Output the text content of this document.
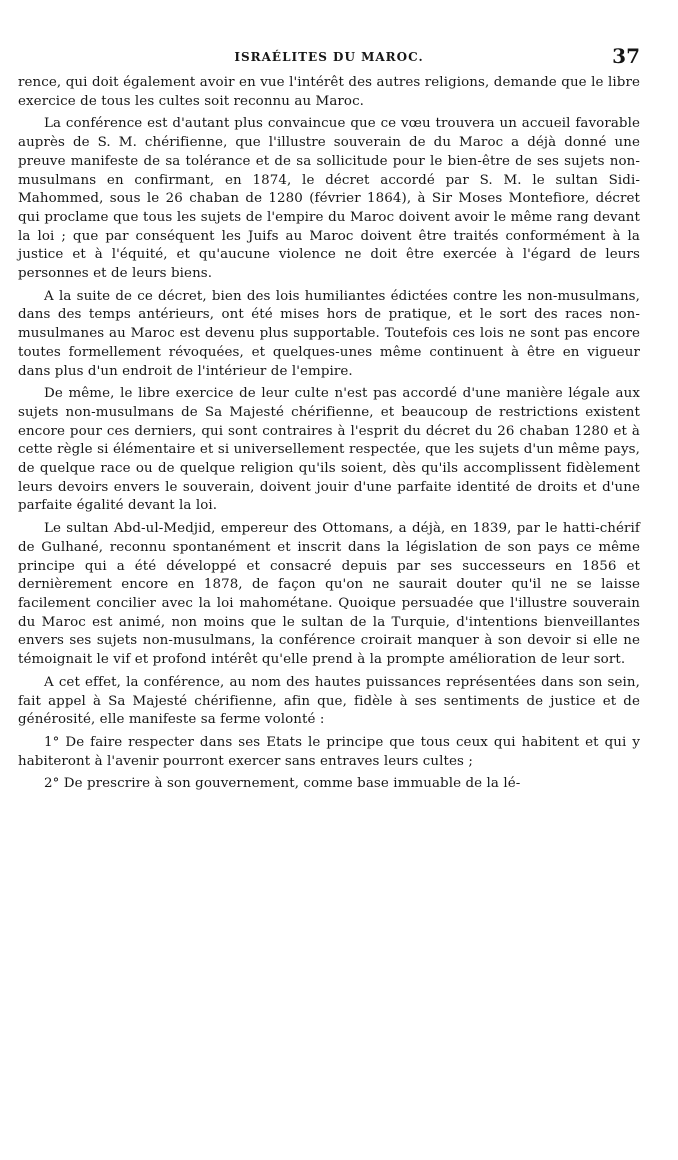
ISRAÉLITES DU MAROC.	37

rence, qui doit également avoir en vue l'intérêt des autres religions, demande que le libre exercice de tous les cultes soit reconnu au Maroc.

La conférence est d'autant plus convaincue que ce vœu trouvera un accueil favorable auprès de S. M. chérifienne, que l'illustre souverain de du Maroc a déjà donné une preuve manifeste de sa tolérance et de sa sollicitude pour le bien-être de ses sujets non-musulmans en confirmant, en 1874, le décret accordé par S. M. le sultan Sidi-Mahommed, sous le 26 chaban de 1280 (février 1864), à Sir Moses Montefiore, décret qui proclame que tous les sujets de l'empire du Maroc doivent avoir le même rang devant la loi ; que par conséquent les Juifs au Maroc doivent être traités conformément à la justice et à l'équité, et qu'aucune violence ne doit être exercée à l'égard de leurs personnes et de leurs biens.

A la suite de ce décret, bien des lois humiliantes édictées contre les non-musulmans, dans des temps antérieurs, ont été mises hors de pratique, et le sort des races non-musulmanes au Maroc est devenu plus supportable. Toutefois ces lois ne sont pas encore toutes formellement révoquées, et quelques-unes même continuent à être en vigueur dans plus d'un endroit de l'intérieur de l'empire.

De même, le libre exercice de leur culte n'est pas accordé d'une manière légale aux sujets non-musulmans de Sa Majesté chérifienne, et beaucoup de restrictions existent encore pour ces derniers, qui sont contraires à l'esprit du décret du 26 chaban 1280 et à cette règle si élémentaire et si universellement respectée, que les sujets d'un même pays, de quelque race ou de quelque religion qu'ils soient, dès qu'ils accomplissent fidèlement leurs devoirs envers le souverain, doivent jouir d'une parfaite identité de droits et d'une parfaite égalité devant la loi.

Le sultan Abd-ul-Medjid, empereur des Ottomans, a déjà, en 1839, par le hatti-chérif de Gulhané, reconnu spontanément et inscrit dans la législation de son pays ce même principe qui a été développé et consacré depuis par ses successeurs en 1856 et dernièrement encore en 1878, de façon qu'on ne saurait douter qu'il ne se laisse facilement concilier avec la loi mahométane. Quoique persuadée que l'illustre souverain du Maroc est animé, non moins que le sultan de la Turquie, d'intentions bienveillantes envers ses sujets non-musulmans, la conférence croirait manquer à son devoir si elle ne témoignait le vif et profond intérêt qu'elle prend à la prompte amélioration de leur sort.

A cet effet, la conférence, au nom des hautes puissances représentées dans son sein, fait appel à Sa Majesté chérifienne, afin que, fidèle à ses sentiments de justice et de générosité, elle manifeste sa ferme volonté :

1° De faire respecter dans ses Etats le principe que tous ceux qui habitent et qui y habiteront à l'avenir pourront exercer sans entraves leurs cultes ;

2° De prescrire à son gouvernement, comme base immuable de la lé-
